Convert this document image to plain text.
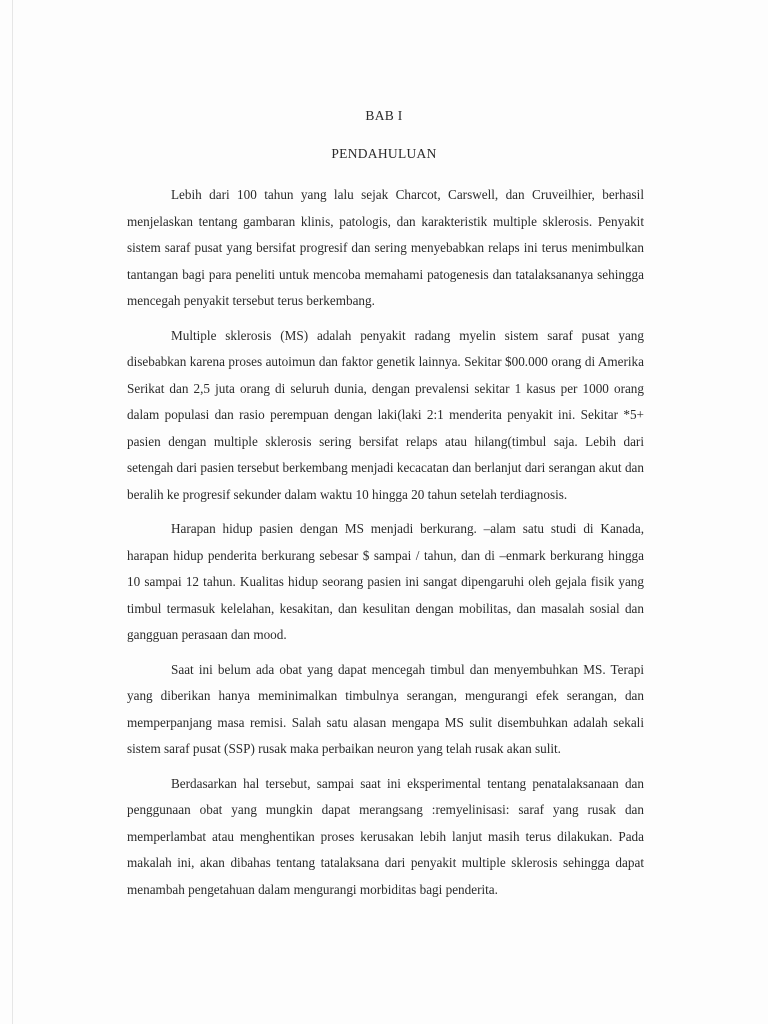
BAB I
PENDAHULUAN

Lebih dari 100 tahun yang lalu sejak Charcot, Carswell, dan Cruveilhier, berhasil menjelaskan tentang gambaran klinis, patologis, dan karakteristik multiple sklerosis. Penyakit sistem saraf pusat yang bersifat progresif dan sering menyebabkan relaps ini terus menimbulkan tantangan bagi para peneliti untuk mencoba memahami patogenesis dan tatalaksananya sehingga mencegah penyakit tersebut terus berkembang.

Multiple sklerosis (MS) adalah penyakit radang myelin sistem saraf pusat yang disebabkan karena proses autoimun dan faktor genetik lainnya. Sekitar $00.000 orang di Amerika Serikat dan 2,5 juta orang di seluruh dunia, dengan prevalensi sekitar 1 kasus per 1000 orang dalam populasi dan rasio perempuan dengan laki(laki 2:1 menderita penyakit ini. Sekitar *5+ pasien dengan multiple sklerosis sering bersifat relaps atau hilang(timbul saja. Lebih dari setengah dari pasien tersebut berkembang menjadi kecacatan dan berlanjut dari serangan akut dan beralih ke progresif sekunder dalam waktu 10 hingga 20 tahun setelah terdiagnosis.

Harapan hidup pasien dengan MS menjadi berkurang. –alam satu studi di Kanada, harapan hidup penderita berkurang sebesar $ sampai / tahun, dan di –enmark berkurang hingga 10 sampai 12 tahun. Kualitas hidup seorang pasien ini sangat dipengaruhi oleh gejala fisik yang timbul termasuk kelelahan, kesakitan, dan kesulitan dengan mobilitas, dan masalah sosial dan gangguan perasaan dan mood.

Saat ini belum ada obat yang dapat mencegah timbul dan menyembuhkan MS. Terapi yang diberikan hanya meminimalkan timbulnya serangan, mengurangi efek serangan, dan memperpanjang masa remisi. Salah satu alasan mengapa MS sulit disembuhkan adalah sekali sistem saraf pusat (SSP) rusak maka perbaikan neuron yang telah rusak akan sulit.

Berdasarkan hal tersebut, sampai saat ini eksperimental tentang penatalaksanaan dan penggunaan obat yang mungkin dapat merangsang :remyelinisasi: saraf yang rusak dan memperlambat atau menghentikan proses kerusakan lebih lanjut masih terus dilakukan. Pada makalah ini, akan dibahas tentang tatalaksana dari penyakit multiple sklerosis sehingga dapat menambah pengetahuan dalam mengurangi morbiditas bagi penderita.
